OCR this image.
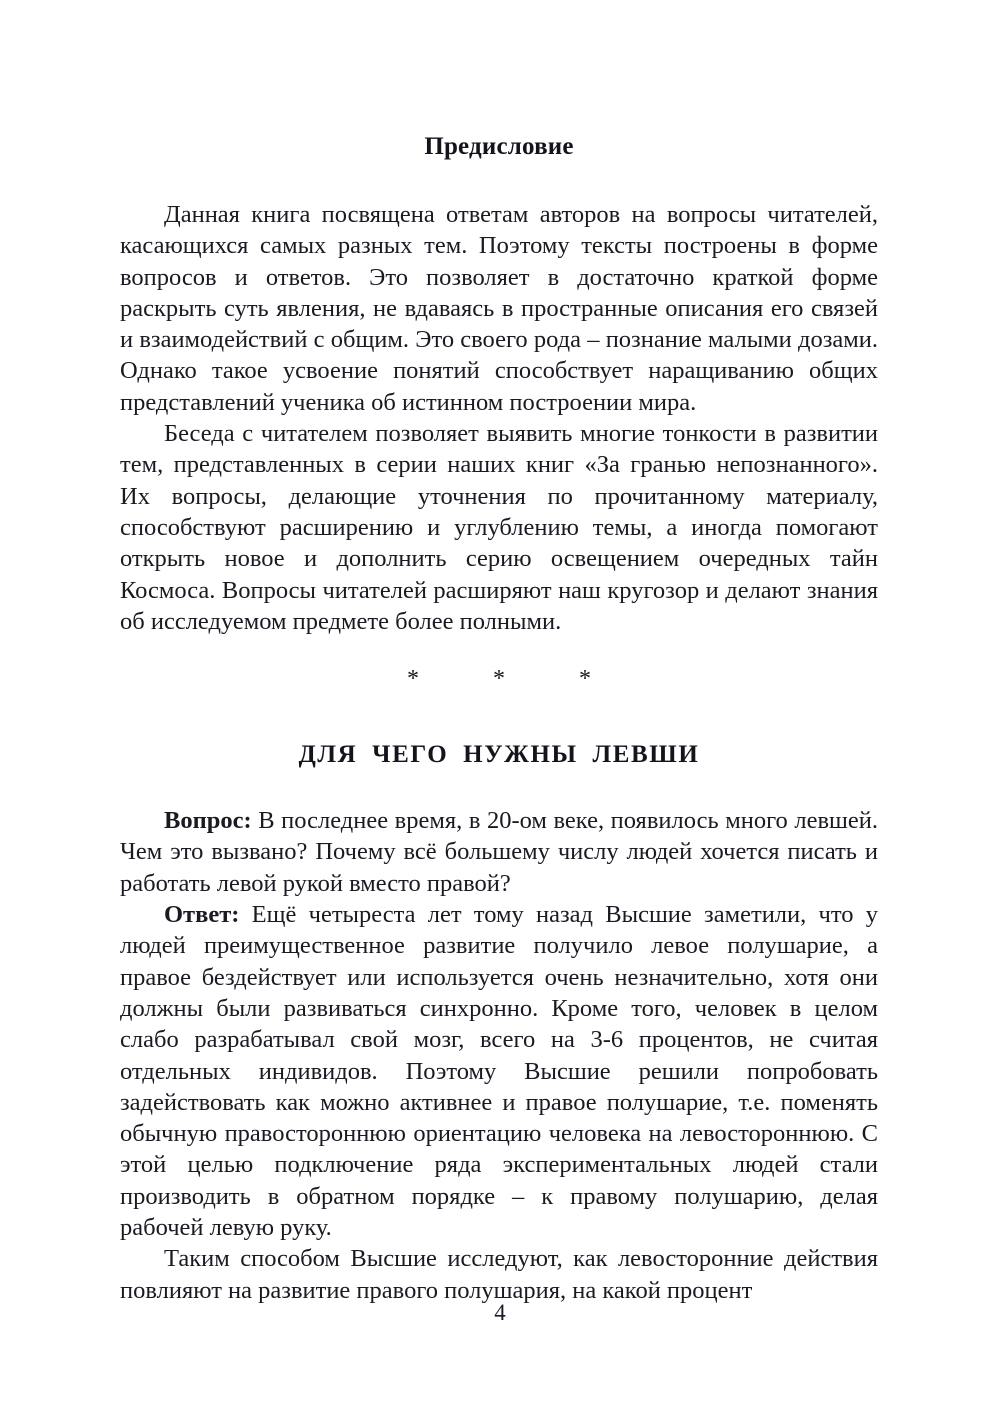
Предисловие

Данная книга посвящена ответам авторов на вопросы читателей, касающихся самых разных тем. Поэтому тексты построены в форме вопросов и ответов. Это позволяет в достаточно краткой форме раскрыть суть явления, не вдаваясь в пространные описания его связей и взаимодействий с общим. Это своего рода – познание малыми дозами. Однако такое усвоение понятий способствует наращиванию общих представлений ученика об истинном построении мира.

Беседа с читателем позволяет выявить многие тонкости в развитии тем, представленных в серии наших книг «За гранью непознанного». Их вопросы, делающие уточнения по прочитанному материалу, способствуют расширению и углублению темы, а иногда помогают открыть новое и дополнить серию освещением очередных тайн Космоса. Вопросы читателей расширяют наш кругозор и делают знания об исследуемом предмете более полными.

* * *
ДЛЯ ЧЕГО НУЖНЫ ЛЕВШИ

Вопрос: В последнее время, в 20-ом веке, появилось много левшей. Чем это вызвано? Почему всё большему числу людей хочется писать и работать левой рукой вместо правой?

Ответ: Ещё четыреста лет тому назад Высшие заметили, что у людей преимущественное развитие получило левое полушарие, а правое бездействует или используется очень незначительно, хотя они должны были развиваться синхронно. Кроме того, человек в целом слабо разрабатывал свой мозг, всего на 3-6 процентов, не считая отдельных индивидов. Поэтому Высшие решили попробовать задействовать как можно активнее и правое полушарие, т.е. поменять обычную правостороннюю ориентацию человека на левостороннюю. С этой целью подключение ряда экспериментальных людей стали производить в обратном порядке – к правому полушарию, делая рабочей левую руку.

Таким способом Высшие исследуют, как левосторонние действия повлияют на развитие правого полушария, на какой процент

4
